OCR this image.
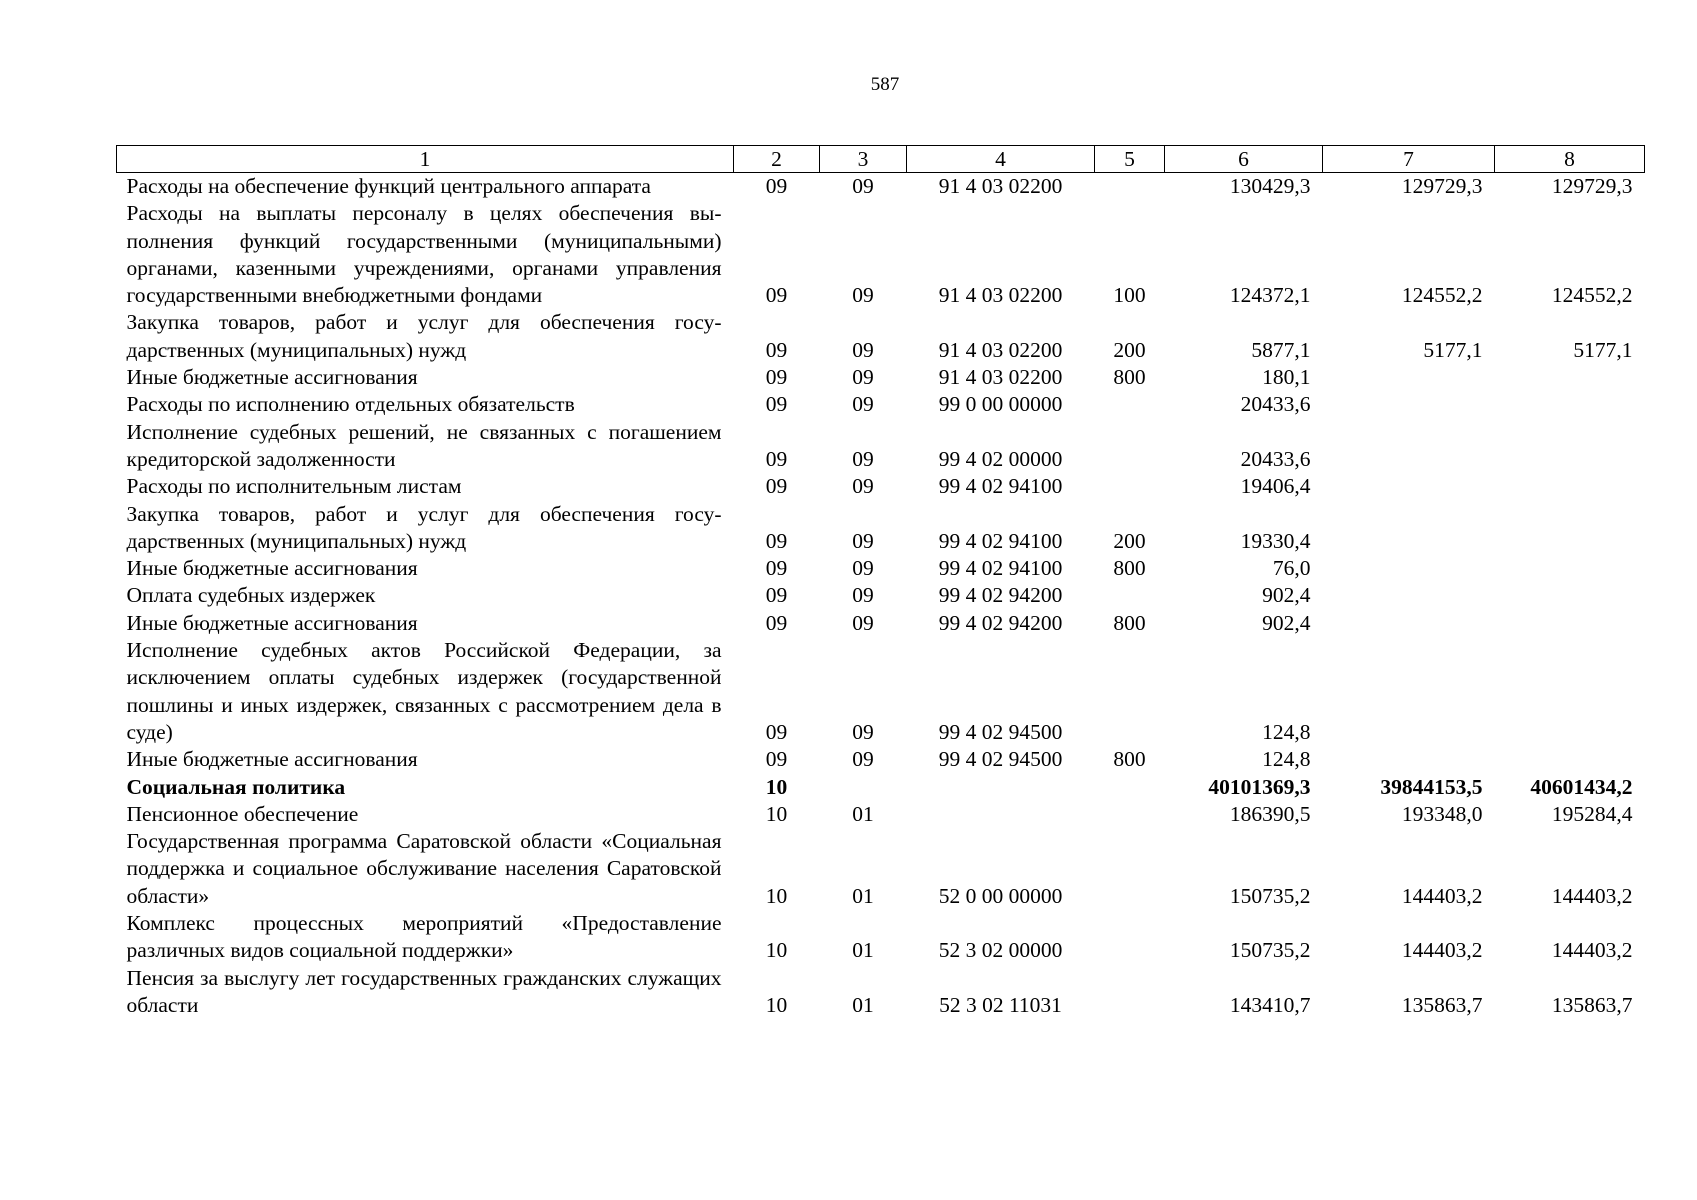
587
1	2	3	4	5	6	7	8
Расходы на обеспечение функций центрального аппарата	09	09	91 4 03 02200		130429,3	129729,3	129729,3
Расходы на выплаты персоналу в целях обеспечения выполнения функций государственными (муниципальными) органами, казенными учреждениями, органами управления государственными внебюджетными фондами	09	09	91 4 03 02200	100	124372,1	124552,2	124552,2
Закупка товаров, работ и услуг для обеспечения государственных (муниципальных) нужд	09	09	91 4 03 02200	200	5877,1	5177,1	5177,1
Иные бюджетные ассигнования	09	09	91 4 03 02200	800	180,1		
Расходы по исполнению отдельных обязательств	09	09	99 0 00 00000		20433,6		
Исполнение судебных решений, не связанных с погашением кредиторской задолженности	09	09	99 4 02 00000		20433,6		
Расходы по исполнительным листам	09	09	99 4 02 94100		19406,4		
Закупка товаров, работ и услуг для обеспечения государственных (муниципальных) нужд	09	09	99 4 02 94100	200	19330,4		
Иные бюджетные ассигнования	09	09	99 4 02 94100	800	76,0		
Оплата судебных издержек	09	09	99 4 02 94200		902,4		
Иные бюджетные ассигнования	09	09	99 4 02 94200	800	902,4		
Исполнение судебных актов Российской Федерации, за исключением оплаты судебных издержек (государственной пошлины и иных издержек, связанных с рассмотрением дела в суде)	09	09	99 4 02 94500		124,8		
Иные бюджетные ассигнования	09	09	99 4 02 94500	800	124,8		
Социальная политика	10				40101369,3	39844153,5	40601434,2
Пенсионное обеспечение	10	01			186390,5	193348,0	195284,4
Государственная программа Саратовской области «Социальная поддержка и социальное обслуживание населения Саратовской области»	10	01	52 0 00 00000		150735,2	144403,2	144403,2
Комплекс процессных мероприятий «Предоставление различных видов социальной поддержки»	10	01	52 3 02 00000		150735,2	144403,2	144403,2
Пенсия за выслугу лет государственных гражданских служащих области	10	01	52 3 02 11031		143410,7	135863,7	135863,7
